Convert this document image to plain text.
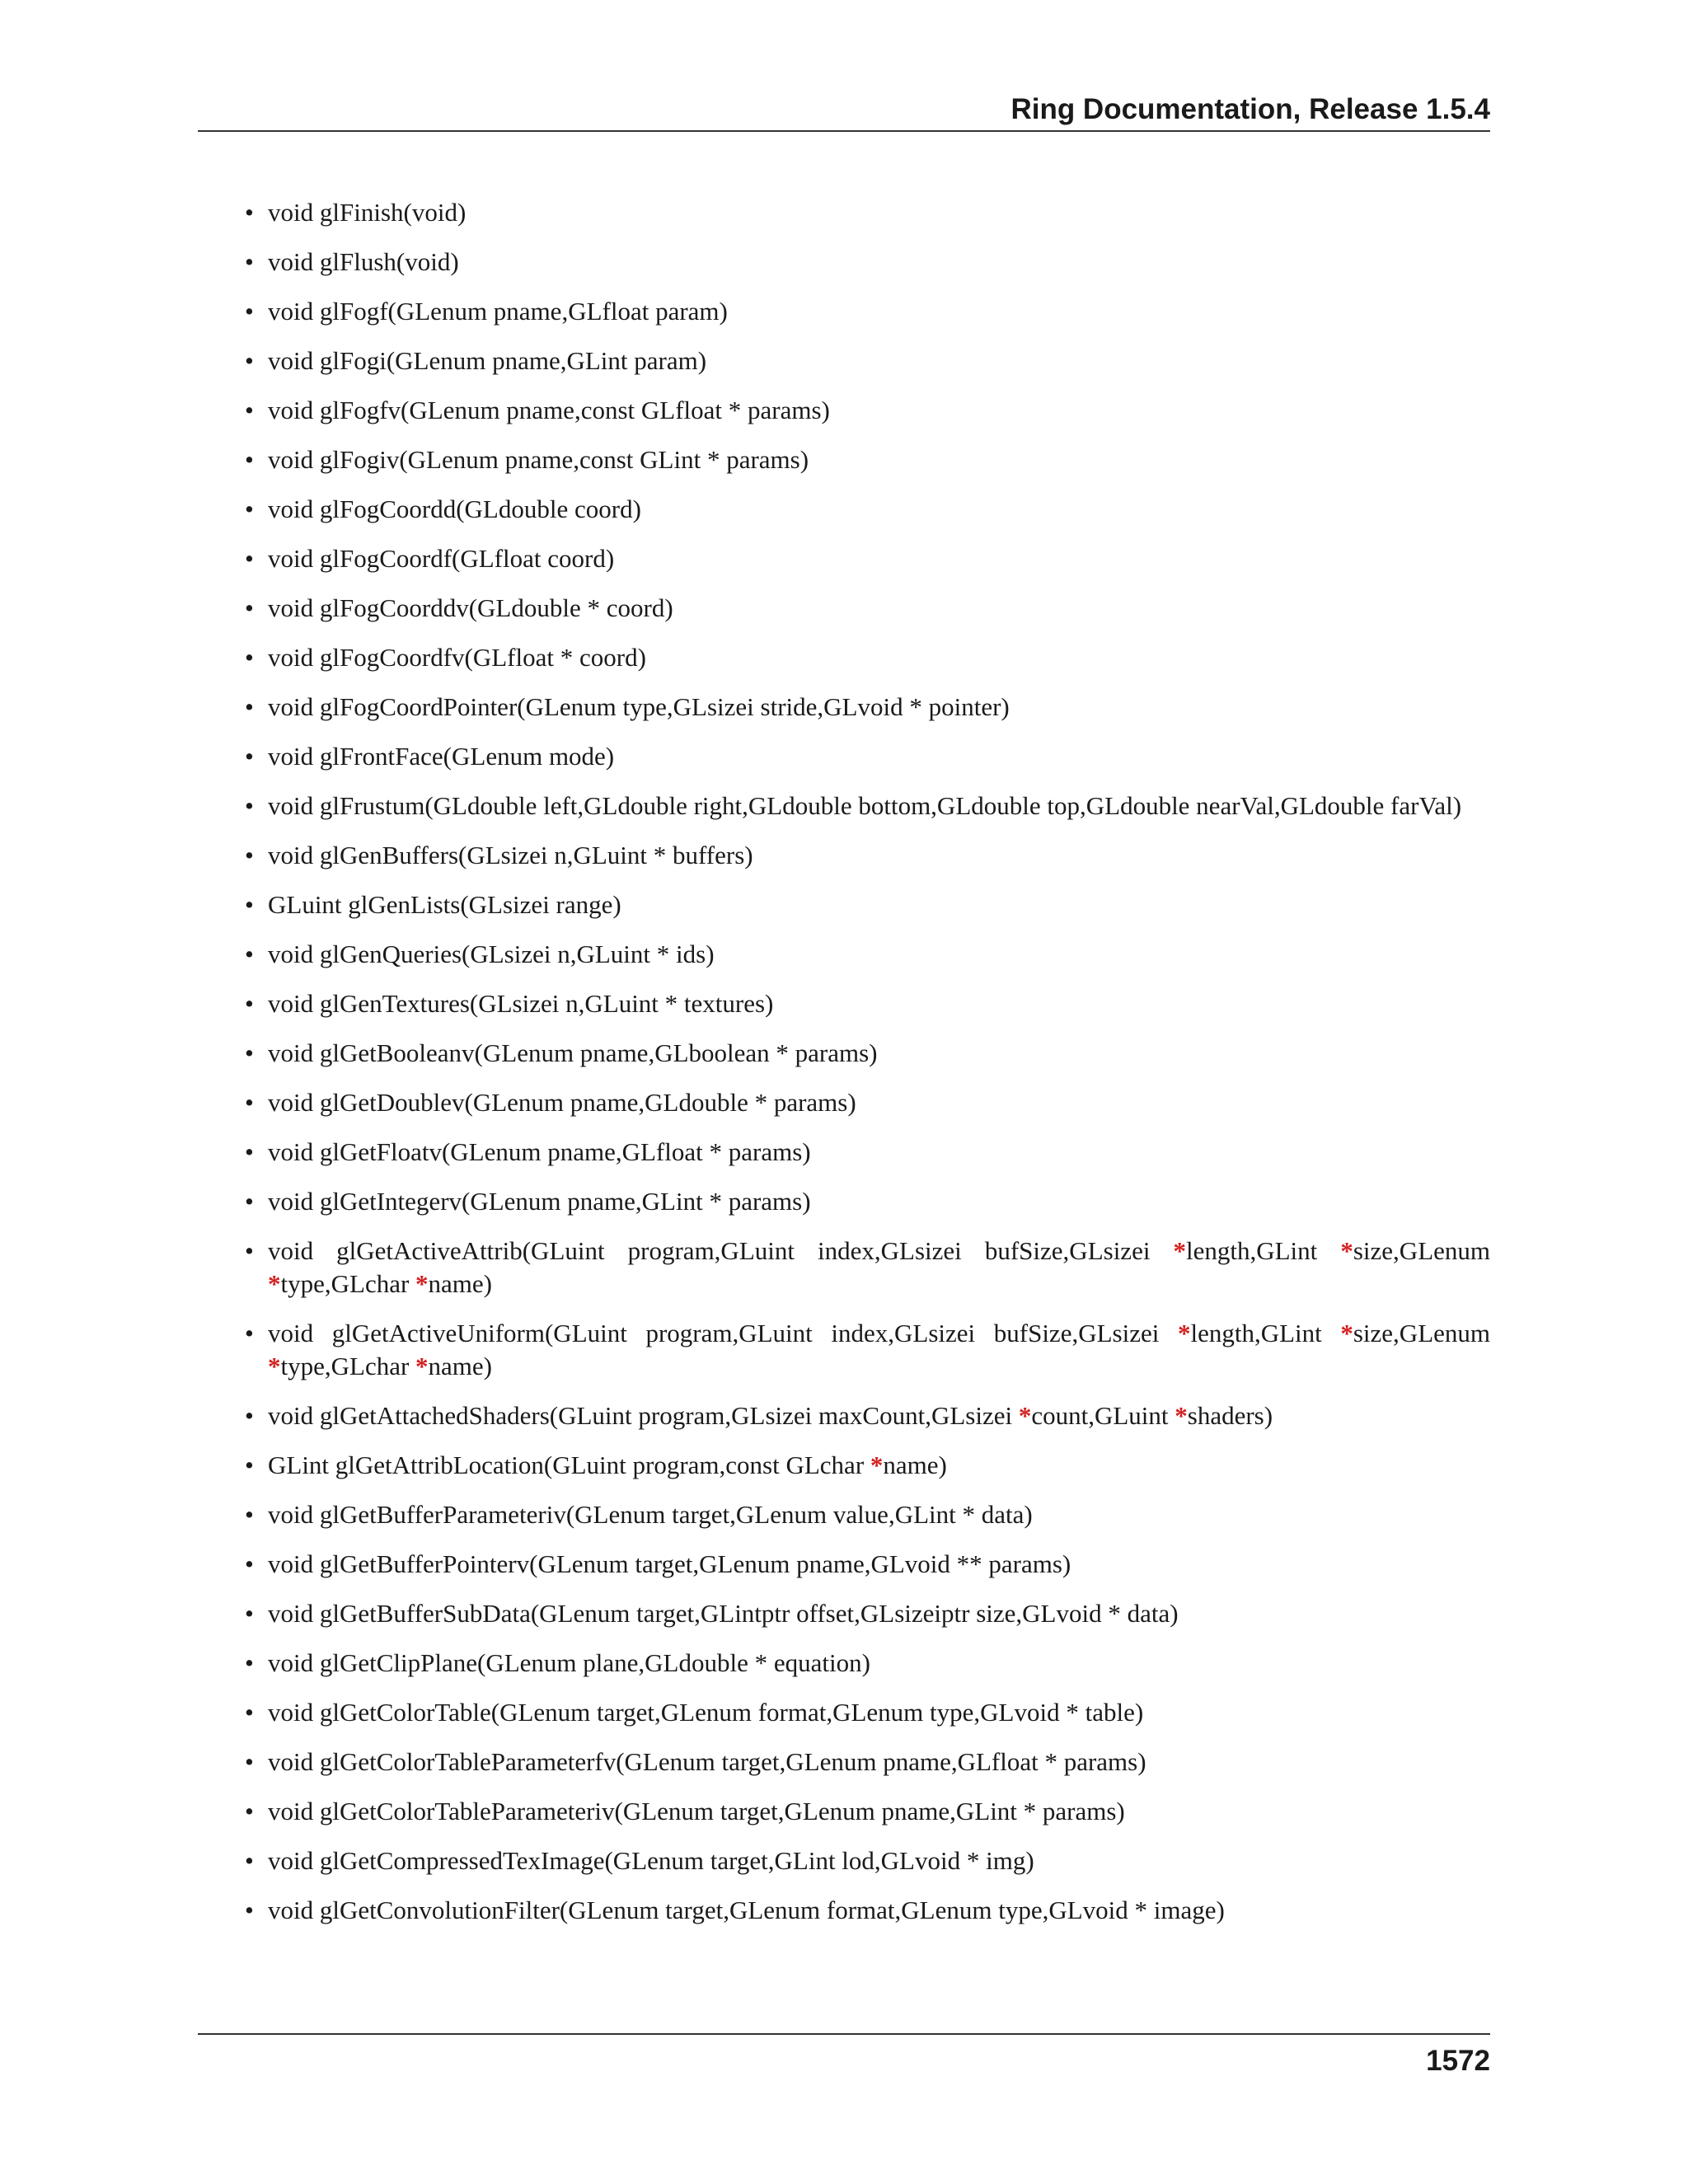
Ring Documentation, Release 1.5.4
• void glFinish(void)
• void glFlush(void)
• void glFogf(GLenum pname,GLfloat param)
• void glFogi(GLenum pname,GLint param)
• void glFogfv(GLenum pname,const GLfloat * params)
• void glFogiv(GLenum pname,const GLint * params)
• void glFogCoordd(GLdouble coord)
• void glFogCoordf(GLfloat coord)
• void glFogCoorddv(GLdouble * coord)
• void glFogCoordfv(GLfloat * coord)
• void glFogCoordPointer(GLenum type,GLsizei stride,GLvoid * pointer)
• void glFrontFace(GLenum mode)
• void glFrustum(GLdouble left,GLdouble right,GLdouble bottom,GLdouble top,GLdouble nearVal,GLdouble farVal)
• void glGenBuffers(GLsizei n,GLuint * buffers)
• GLuint glGenLists(GLsizei range)
• void glGenQueries(GLsizei n,GLuint * ids)
• void glGenTextures(GLsizei n,GLuint * textures)
• void glGetBooleanv(GLenum pname,GLboolean * params)
• void glGetDoublev(GLenum pname,GLdouble * params)
• void glGetFloatv(GLenum pname,GLfloat * params)
• void glGetIntegerv(GLenum pname,GLint * params)
• void glGetActiveAttrib(GLuint program,GLuint index,GLsizei bufSize,GLsizei *length,GLint *size,GLenum *type,GLchar *name)
• void glGetActiveUniform(GLuint program,GLuint index,GLsizei bufSize,GLsizei *length,GLint *size,GLenum *type,GLchar *name)
• void glGetAttachedShaders(GLuint program,GLsizei maxCount,GLsizei *count,GLuint *shaders)
• GLint glGetAttribLocation(GLuint program,const GLchar *name)
• void glGetBufferParameteriv(GLenum target,GLenum value,GLint * data)
• void glGetBufferPointerv(GLenum target,GLenum pname,GLvoid ** params)
• void glGetBufferSubData(GLenum target,GLintptr offset,GLsizeiptr size,GLvoid * data)
• void glGetClipPlane(GLenum plane,GLdouble * equation)
• void glGetColorTable(GLenum target,GLenum format,GLenum type,GLvoid * table)
• void glGetColorTableParameterfv(GLenum target,GLenum pname,GLfloat * params)
• void glGetColorTableParameteriv(GLenum target,GLenum pname,GLint * params)
• void glGetCompressedTexImage(GLenum target,GLint lod,GLvoid * img)
• void glGetConvolutionFilter(GLenum target,GLenum format,GLenum type,GLvoid * image)
1572
